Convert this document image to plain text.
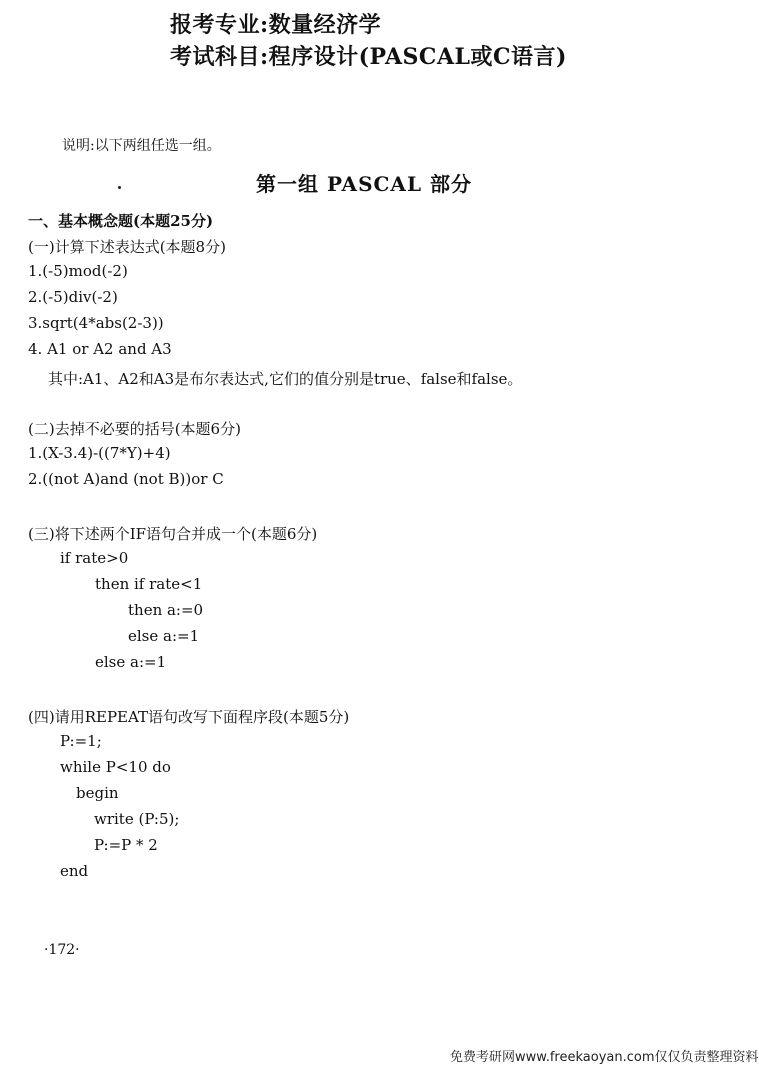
报考专业:数量经济学
考试科目:程序设计(PASCAL或C语言)
说明:以下两组任选一组。
第一组 PASCAL 部分
一、基本概念题(本题25分)
(一)计算下述表达式(本题8分)
1.(-5)mod(-2)
2.(-5)div(-2)
3.sqrt(4*abs(2-3))
4. A1 or A2 and A3
其中:A1、A2和A3是布尔表达式,它们的值分别是true、false和false。
(二)去掉不必要的括号(本题6分)
1.(X-3.4)-((7*Y)+4)
2.((not A)and (not B))or C
(三)将下述两个IF语句合并成一个(本题6分)
if rate>0
then if rate<1
then a:=0
else a:=1
else a:=1
(四)请用REPEAT语句改写下面程序段(本题5分)
P:=1;
while P<10 do
begin
write (P:5);
P:=P * 2
end
·172·
免费考研网www.freekaoyan.com仅仅负责整理资料
